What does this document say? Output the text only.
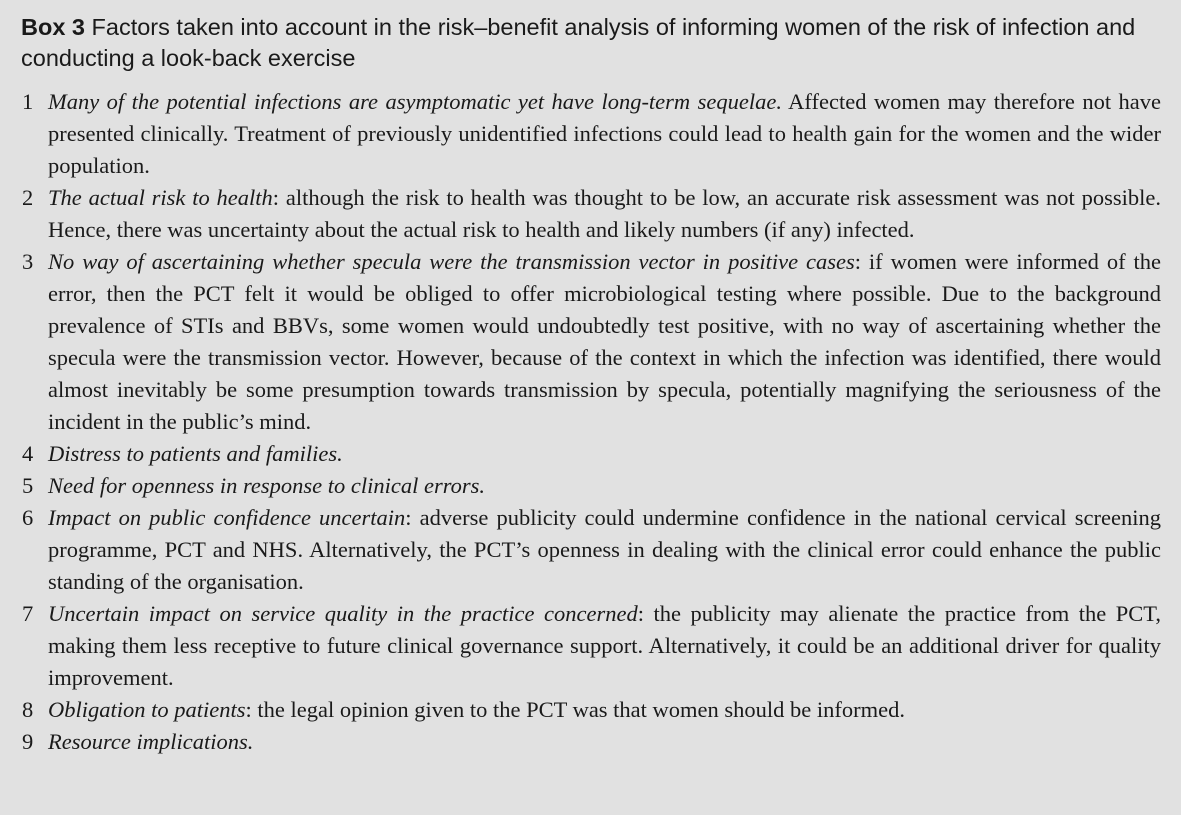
Box 3 Factors taken into account in the risk–benefit analysis of informing women of the risk of infection and conducting a look-back exercise
1 Many of the potential infections are asymptomatic yet have long-term sequelae. Affected women may therefore not have presented clinically. Treatment of previously unidentified infections could lead to health gain for the women and the wider population.
2 The actual risk to health: although the risk to health was thought to be low, an accurate risk assessment was not possible. Hence, there was uncertainty about the actual risk to health and likely numbers (if any) infected.
3 No way of ascertaining whether specula were the transmission vector in positive cases: if women were informed of the error, then the PCT felt it would be obliged to offer microbiological testing where possible. Due to the background prevalence of STIs and BBVs, some women would undoubtedly test positive, with no way of ascertaining whether the specula were the transmission vector. However, because of the context in which the infection was identified, there would almost inevitably be some presumption towards transmission by specula, potentially magnifying the seriousness of the incident in the public’s mind.
4 Distress to patients and families.
5 Need for openness in response to clinical errors.
6 Impact on public confidence uncertain: adverse publicity could undermine confidence in the national cervical screening programme, PCT and NHS. Alternatively, the PCT’s openness in dealing with the clinical error could enhance the public standing of the organisation.
7 Uncertain impact on service quality in the practice concerned: the publicity may alienate the practice from the PCT, making them less receptive to future clinical governance support. Alternatively, it could be an additional driver for quality improvement.
8 Obligation to patients: the legal opinion given to the PCT was that women should be informed.
9 Resource implications.
